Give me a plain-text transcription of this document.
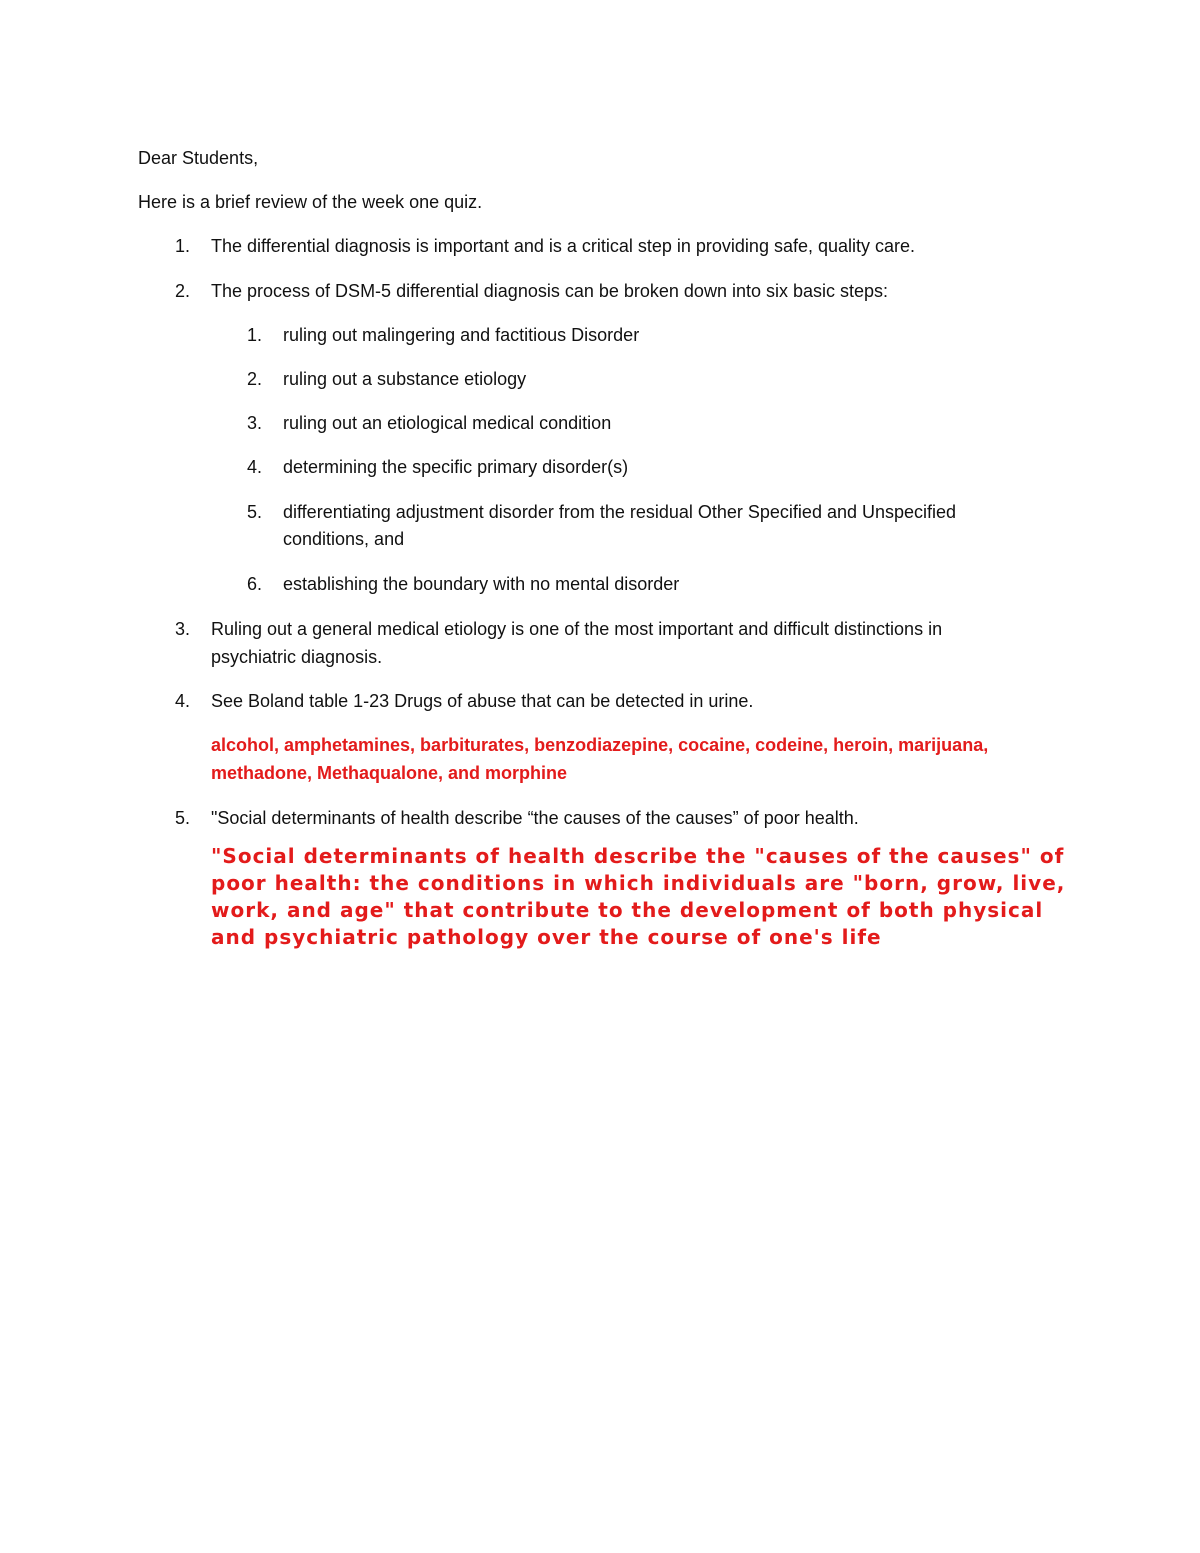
Dear Students,
Here is a brief review of the week one quiz.
1. The differential diagnosis is important and is a critical step in providing safe, quality care.
2. The process of DSM-5 differential diagnosis can be broken down into six basic steps:
1. ruling out malingering and factitious Disorder
2. ruling out a substance etiology
3. ruling out an etiological medical condition
4. determining the specific primary disorder(s)
5. differentiating adjustment disorder from the residual Other Specified and Unspecified
conditions, and
6. establishing the boundary with no mental disorder
3. Ruling out a general medical etiology is one of the most important and difficult distinctions in
psychiatric diagnosis.
4. See Boland table 1-23 Drugs of abuse that can be detected in urine.
alcohol, amphetamines, barbiturates, benzodiazepine, cocaine, codeine, heroin, marijuana,
methadone, Methaqualone, and morphine
5. "Social determinants of health describe “the causes of the causes” of poor health.
"Social determinants of health describe the "causes of the causes" of poor health: the conditions in which individuals are "born, grow, live, work, and age" that contribute to the development of both physical and psychiatric pathology over the course of one's life
